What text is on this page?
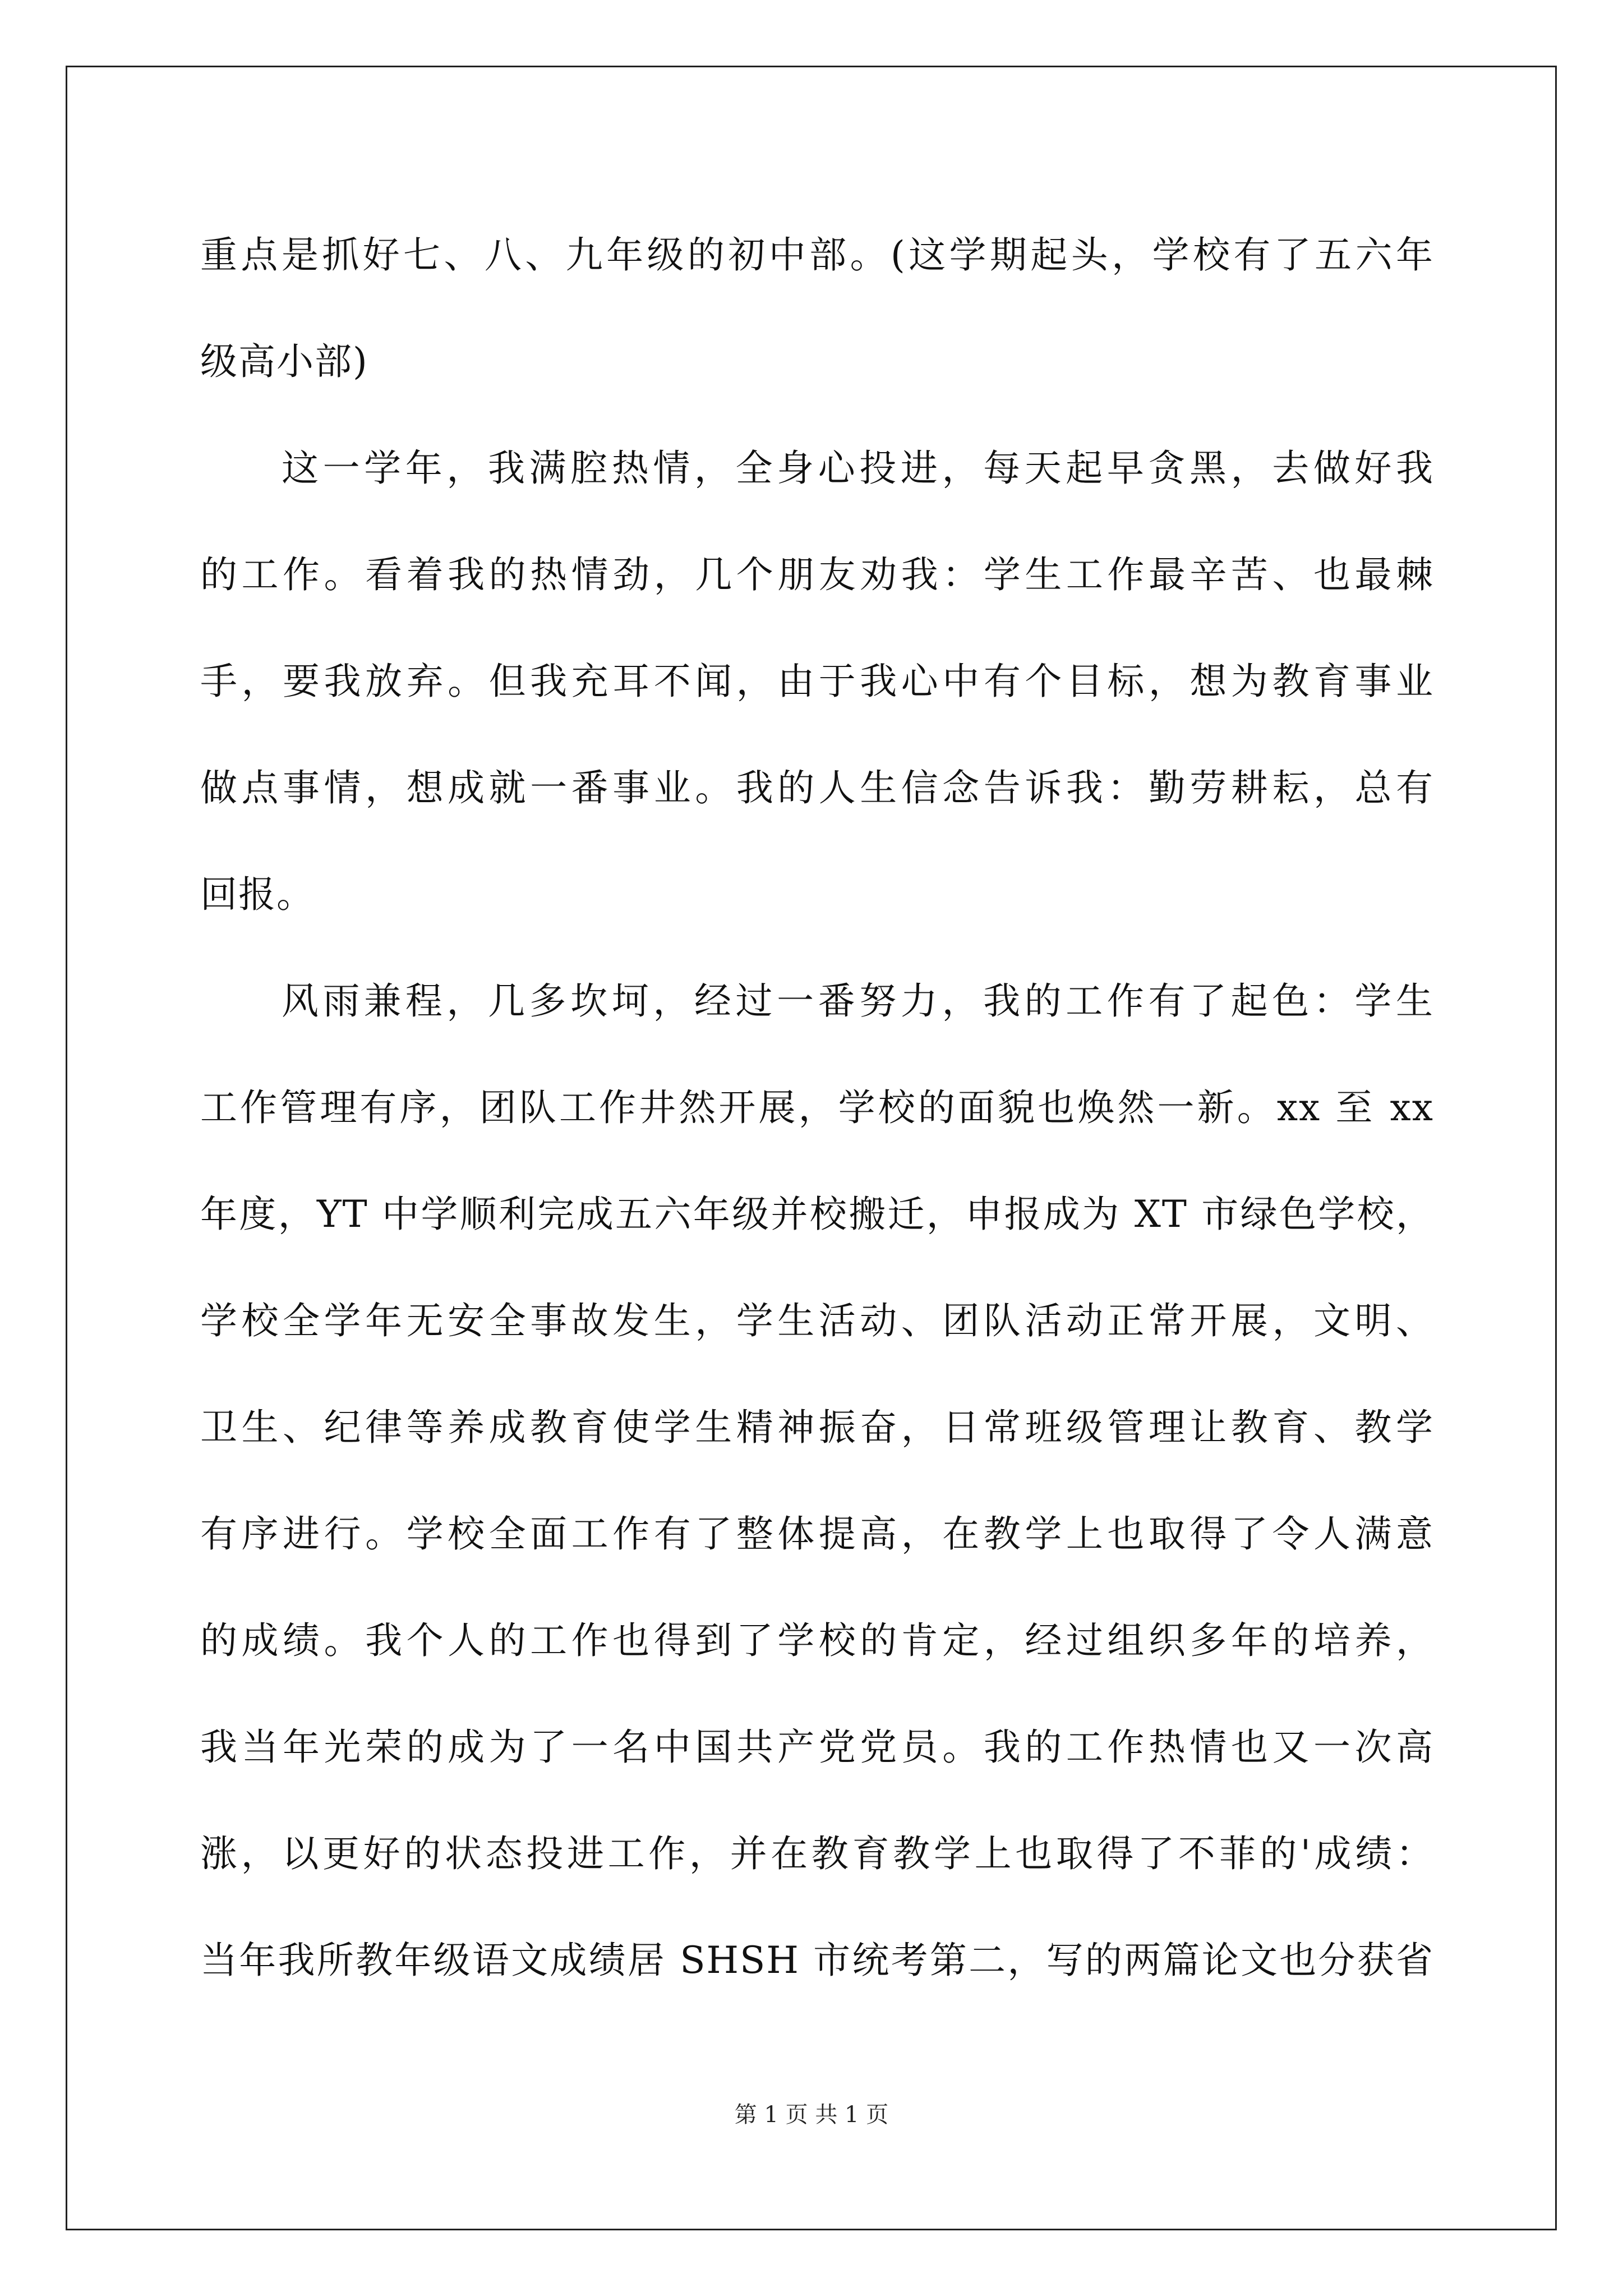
重点是抓好七、八、九年级的初中部。(这学期起头，学校有了五六年
级高小部)
这一学年，我满腔热情，全身心投进，每天起早贪黑，去做好我
的工作。看着我的热情劲，几个朋友劝我：学生工作最辛苦、也最棘
手，要我放弃。但我充耳不闻，由于我心中有个目标，想为教育事业
做点事情，想成就一番事业。我的人生信念告诉我：勤劳耕耘，总有
回报。
风雨兼程，几多坎坷，经过一番努力，我的工作有了起色：学生
工作管理有序，团队工作井然开展，学校的面貌也焕然一新。xx 至 xx
年度，YT 中学顺利完成五六年级并校搬迁，申报成为 XT 市绿色学校，
学校全学年无安全事故发生，学生活动、团队活动正常开展，文明、
卫生、纪律等养成教育使学生精神振奋，日常班级管理让教育、教学
有序进行。学校全面工作有了整体提高，在教学上也取得了令人满意
的成绩。我个人的工作也得到了学校的肯定，经过组织多年的培养，
我当年光荣的成为了一名中国共产党党员。我的工作热情也又一次高
涨，以更好的状态投进工作，并在教育教学上也取得了不菲的'成绩：
当年我所教年级语文成绩居 SHSH 市统考第二，写的两篇论文也分获省
第 1 页 共 1 页
